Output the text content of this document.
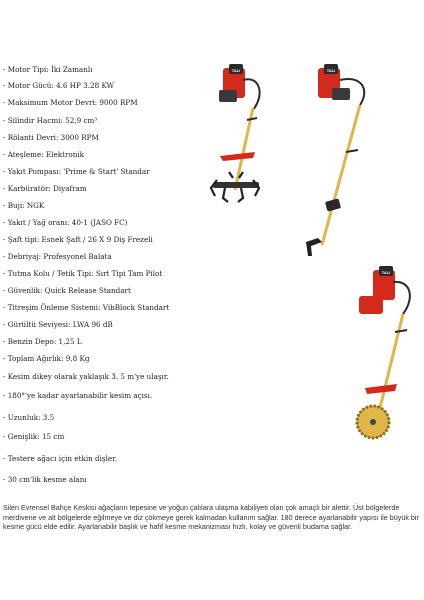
- Motor Tipi: İki Zamanlı
- Motor Gücü: 4.6 HP 3.28 KW
- Maksimum Motor Devri: 9000 RPM
- Silindir Hacmi: 52,9 cm³
- Rölanti Devri: 3000 RPM
- Ateşleme: Elektronik
- Yakıt Pompası: 'Prime & Start' Standar
- Karbüratör: Diyafram
- Buji: NGK
- Yakıt / Yağ oranı: 40-1 (JASO FC)
- Şaft tipi: Esnek Şaft / 26 X 9 Diş Frezeli
- Debriyaj: Profesyonel Balata
- Tutma Kolu / Tetik Tipi: Sırt Tipi Tam Pilot
- Güvenlik: Quick Release Standart
- Titreşim Önleme Sistemi: VibBlock Standart
- Gürültü Seviyesi: LWA 96 dB
- Benzin Depo: 1,25 L
- Toplam Ağırlık: 9,8 Kg
- Kesim dikey olarak yaklaşık 3. 5 m'ye ulaşır.
- 180°'ye kadar ayarlanabilir kesim açısı.
- Uzunluk: 3.5
- Genişlik: 15 cm
- Testere ağacı için etkin dişler.
- 30 cm'lik kesme alanı
TALI	TALI
TALI

Silen Evrensel Bahçe Keskisi ağaçların tepesine ve yoğun çalılara ulaşma kabiliyeti olan çok amaçlı bir alettir. Üst bölgelerde merdivene ve alt bölgelerde eğilmeye ve diz çökmeye gerek kalmadan kullanım sağlar. 180 derece ayarlanabilir yapısı ile büyük bir kesme gücü elde edilir. Ayarlanabilir başlık ve hafif kesme mekanizması hızlı, kolay ve güvenli budama sağlar.
